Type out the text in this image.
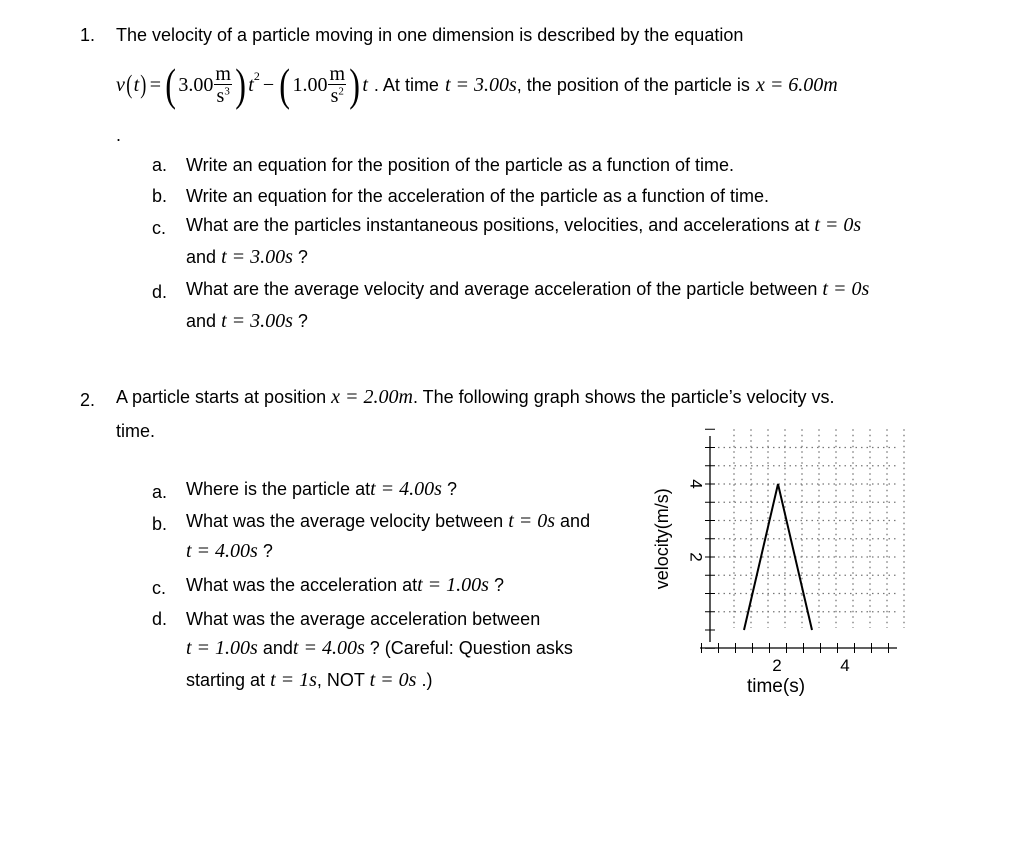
1. The velocity of a particle moving in one dimension is described by the equation
v ( t ) = ( $3.00 \frac{m}{s^3}$ ) $t^2$ − ( $1.00 \frac{m}{s^2}$ ) t . At time t = 3.00s , the position of the particle is x = 6.00m
.
a. Write an equation for the position of the particle as a function of time.
b. Write an equation for the acceleration of the particle as a function of time.
c. What are the particles instantaneous positions, velocities, and accelerations at t = 0s
and t = 3.00s ?
d. What are the average velocity and average acceleration of the particle between t = 0s
and t = 3.00s ?
2. A particle starts at position x = 2.00m. The following graph shows the particle’s velocity vs.
time.
a. Where is the particle att = 4.00s ?
b. What was the average velocity between t = 0s and
t = 4.00s ?
c. What was the acceleration att = 1.00s ?
d. What was the average acceleration between
t = 1.00s andt = 4.00s ? (Careful: Question asks
starting at t = 1s, NOT t = 0s .)
2
4
2	4
velocity(m/s)
time(s)
